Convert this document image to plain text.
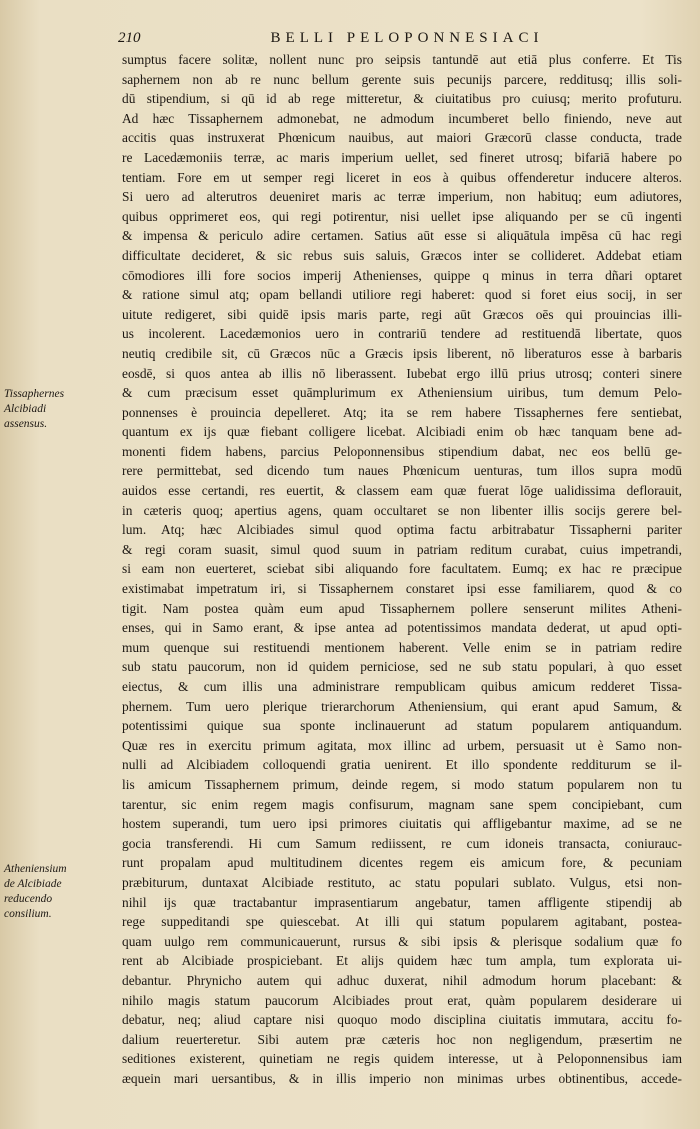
210	BELLI PELOPONNESIACI
Tissaphernes
Alcibiadi
assensus.
Atheniensium
de Alcibiade
reducendo
consilium.
sumptus facere solitæ, nollent nunc pro seipsis tantundē aut etiā plus conferre. Et Tis
saphernem non ab re nunc bellum gerente suis pecunijs parcere, redditusq; illis soli-
dū stipendium, si qū id ab rege mitteretur, & ciuitatibus pro cuiusq; merito profuturu.
Ad hæc Tissaphernem admonebat, ne admodum incumberet bello finiendo, neve aut
accitis quas instruxerat Phœnicum nauibus, aut maiori Græcorū classe conducta, trade
re Lacedæmoniis terræ, ac maris imperium uellet, sed fineret utrosq; bifariā habere po
tentiam. Fore em ut semper regi liceret in eos à quibus offenderetur inducere alteros.
Si uero ad alterutros deueniret maris ac terræ imperium, non habituq; eum adiutores,
quibus opprimeret eos, qui regi potirentur, nisi uellet ipse aliquando per se cū ingenti
& impensa & periculo adire certamen. Satius aūt esse si aliquātula impēsa cū hac regi
difficultate decideret, & sic rebus suis saluis, Græcos inter se collideret. Addebat etiam
cōmodiores illi fore socios imperij Athenienses, quippe q minus in terra dñari optaret
& ratione simul atq; opam bellandi utiliore regi haberet: quod si foret eius socij, in ser
uitute redigeret, sibi quidē ipsis maris parte, regi aūt Græcos oēs qui prouincias illi-
us incolerent. Lacedæmonios uero in contrariū tendere ad restituendā libertate, quos
neutiq credibile sit, cū Græcos nūc a Græcis ipsis liberent, nō liberaturos esse à barbaris
eosdē, si quos antea ab illis nō liberassent. Iubebat ergo illū prius utrosq; conteri sinere
& cum præcisum esset quāmplurimum ex Atheniensium uiribus, tum demum Pelo-
ponnenses è prouincia depelleret. Atq; ita se rem habere Tissaphernes fere sentiebat,
quantum ex ijs quæ fiebant colligere licebat. Alcibiadi enim ob hæc tanquam bene ad-
monenti fidem habens, parcius Peloponnensibus stipendium dabat, nec eos bellū ge-
rere permittebat, sed dicendo tum naues Phœnicum uenturas, tum illos supra modū
auidos esse certandi, res euertit, & classem eam quæ fuerat lōge ualidissima deflorauit,
in cæteris quoq; apertius agens, quam occultaret se non libenter illis socijs gerere bel-
lum. Atq; hæc Alcibiades simul quod optima factu arbitrabatur Tissapherni pariter
& regi coram suasit, simul quod suum in patriam reditum curabat, cuius impetrandi,
si eam non euerteret, sciebat sibi aliquando fore facultatem. Eumq; ex hac re præcipue
existimabat impetratum iri, si Tissaphernem constaret ipsi esse familiarem, quod & co
tigit. Nam postea quàm eum apud Tissaphernem pollere senserunt milites Atheni-
enses, qui in Samo erant, & ipse antea ad potentissimos mandata dederat, ut apud opti-
mum quenque sui restituendi mentionem haberent. Velle enim se in patriam redire
sub statu paucorum, non id quidem perniciose, sed ne sub statu populari, à quo esset
eiectus, & cum illis una administrare rempublicam quibus amicum redderet Tissa-
phernem. Tum uero plerique trierarchorum Atheniensium, qui erant apud Samum, &
potentissimi quique sua sponte inclinauerunt ad statum popularem antiquandum.
Quæ res in exercitu primum agitata, mox illinc ad urbem, persuasit ut è Samo non-
nulli ad Alcibiadem colloquendi gratia uenirent. Et illo spondente redditurum se il-
lis amicum Tissaphernem primum, deinde regem, si modo statum popularem non tu
tarentur, sic enim regem magis confisurum, magnam sane spem concipiebant, cum
hostem superandi, tum uero ipsi primores ciuitatis qui affligebantur maxime, ad se ne
gocia transferendi. Hi cum Samum rediissent, re cum idoneis transacta, coniurauc-
runt propalam apud multitudinem dicentes regem eis amicum fore, & pecuniam
præbiturum, duntaxat Alcibiade restituto, ac statu populari sublato. Vulgus, etsi non-
nihil ijs quæ tractabantur imprasentiarum angebatur, tamen affligente stipendij ab
rege suppeditandi spe quiescebat. At illi qui statum popularem agitabant, postea-
quam uulgo rem communicauerunt, rursus & sibi ipsis & plerisque sodalium quæ fo
rent ab Alcibiade prospiciebant. Et alijs quidem hæc tum ampla, tum explorata ui-
debantur. Phrynicho autem qui adhuc duxerat, nihil admodum horum placebant: &
nihilo magis statum paucorum Alcibiades prout erat, quàm popularem desiderare ui
debatur, neq; aliud captare nisi quoquo modo disciplina ciuitatis immutara, accitu fo-
dalium reuerteretur. Sibi autem præ cæteris hoc non negligendum, præsertim ne
seditiones existerent, quinetiam ne regis quidem interesse, ut à Peloponnensibus iam
æquein mari uersantibus, & in illis imperio non minimas urbes obtinentibus, accede-
